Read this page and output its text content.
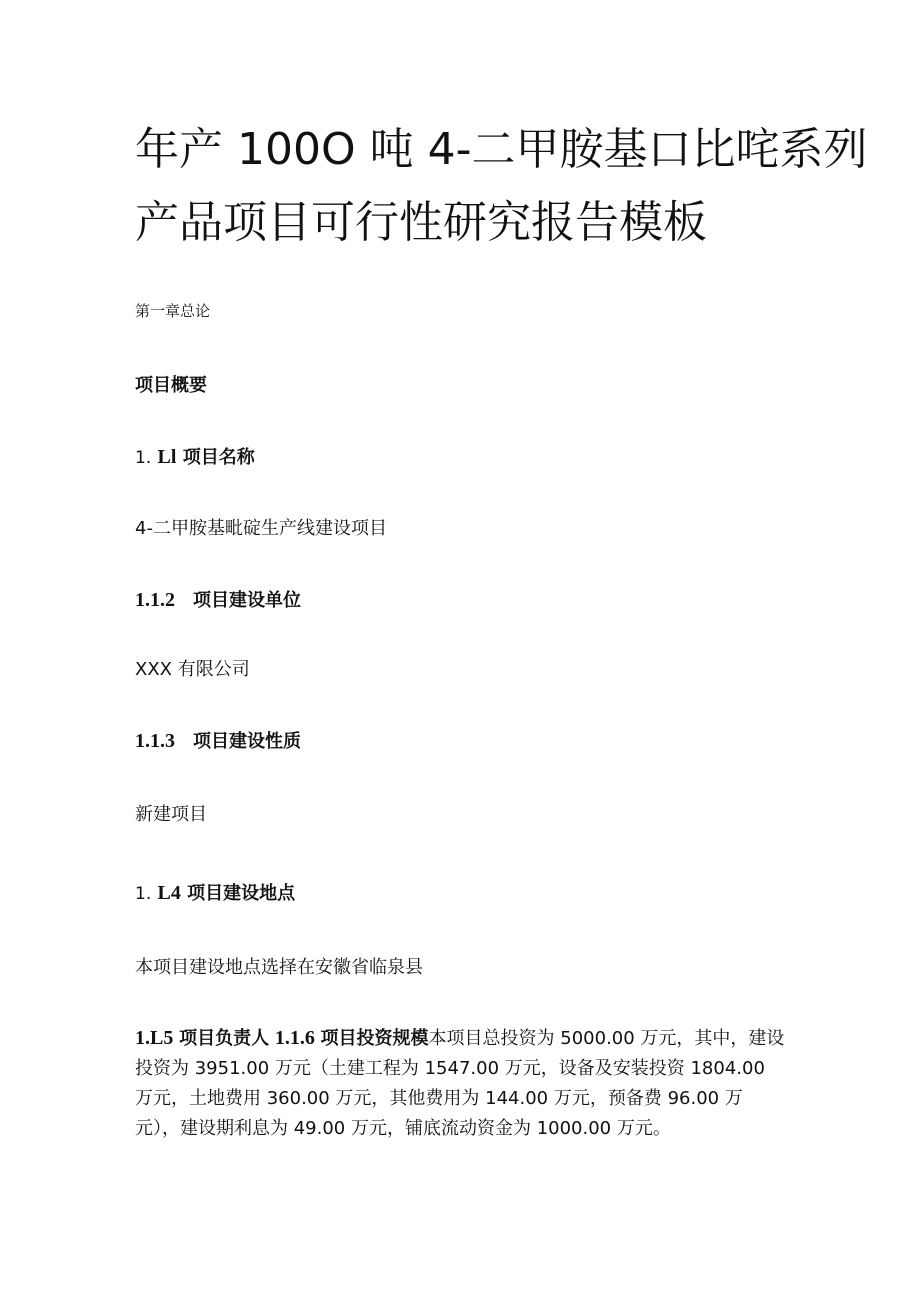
年产 100O 吨 4-二甲胺基口比咤系列
产品项目可行性研究报告模板
第一章总论
项目概要
1. Ll 项目名称
4-二甲胺基毗碇生产线建设项目
1.1.2 项目建设单位
XXX 有限公司
1.1.3 项目建设性质
新建项目
1. L4 项目建设地点
本项目建设地点选择在安徽省临泉县
1.L5 项目负责人 1.1.6 项目投资规模本项目总投资为 5000.00 万元，其中，建设投资为 3951.00 万元（土建工程为 1547.00 万元，设备及安装投资 1804.00 万元，土地费用 360.00 万元，其他费用为 144.00 万元，预备费 96.00 万元），建设期利息为 49.00 万元，铺底流动资金为 1000.00 万元。
